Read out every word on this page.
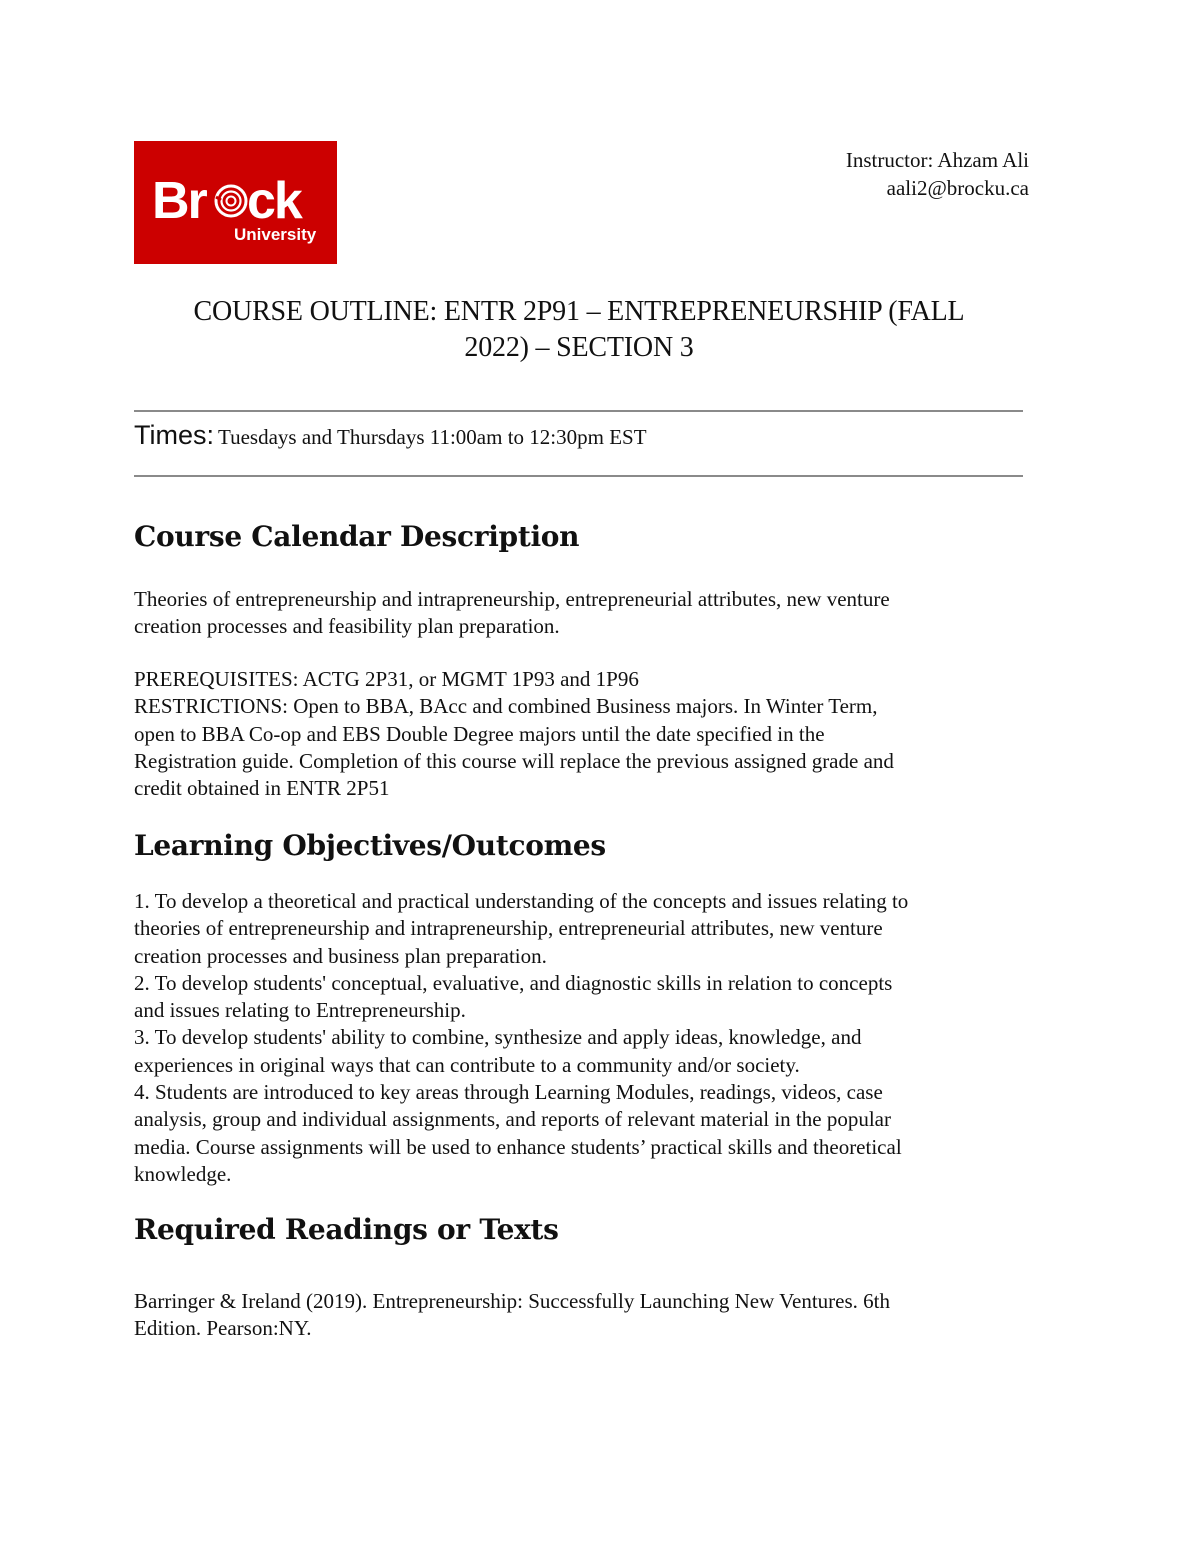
Br ck
University
Instructor: Ahzam Ali
aali2@brocku.ca
COURSE OUTLINE: ENTR 2P91 – ENTREPRENEURSHIP (FALL
2022) – SECTION 3
Times: Tuesdays and Thursdays 11:00am to 12:30pm EST
Course Calendar Description
Theories of entrepreneurship and intrapreneurship, entrepreneurial attributes, new venture
creation processes and feasibility plan preparation.
PREREQUISITES: ACTG 2P31, or MGMT 1P93 and 1P96
RESTRICTIONS: Open to BBA, BAcc and combined Business majors. In Winter Term,
open to BBA Co-op and EBS Double Degree majors until the date specified in the
Registration guide. Completion of this course will replace the previous assigned grade and
credit obtained in ENTR 2P51
Learning Objectives/Outcomes
1. To develop a theoretical and practical understanding of the concepts and issues relating to
theories of entrepreneurship and intrapreneurship, entrepreneurial attributes, new venture
creation processes and business plan preparation.
2. To develop students' conceptual, evaluative, and diagnostic skills in relation to concepts
and issues relating to Entrepreneurship.
3. To develop students' ability to combine, synthesize and apply ideas, knowledge, and
experiences in original ways that can contribute to a community and/or society.
4. Students are introduced to key areas through Learning Modules, readings, videos, case
analysis, group and individual assignments, and reports of relevant material in the popular
media. Course assignments will be used to enhance students’ practical skills and theoretical
knowledge.
Required Readings or Texts
Barringer & Ireland (2019). Entrepreneurship: Successfully Launching New Ventures. 6th
Edition. Pearson:NY.
